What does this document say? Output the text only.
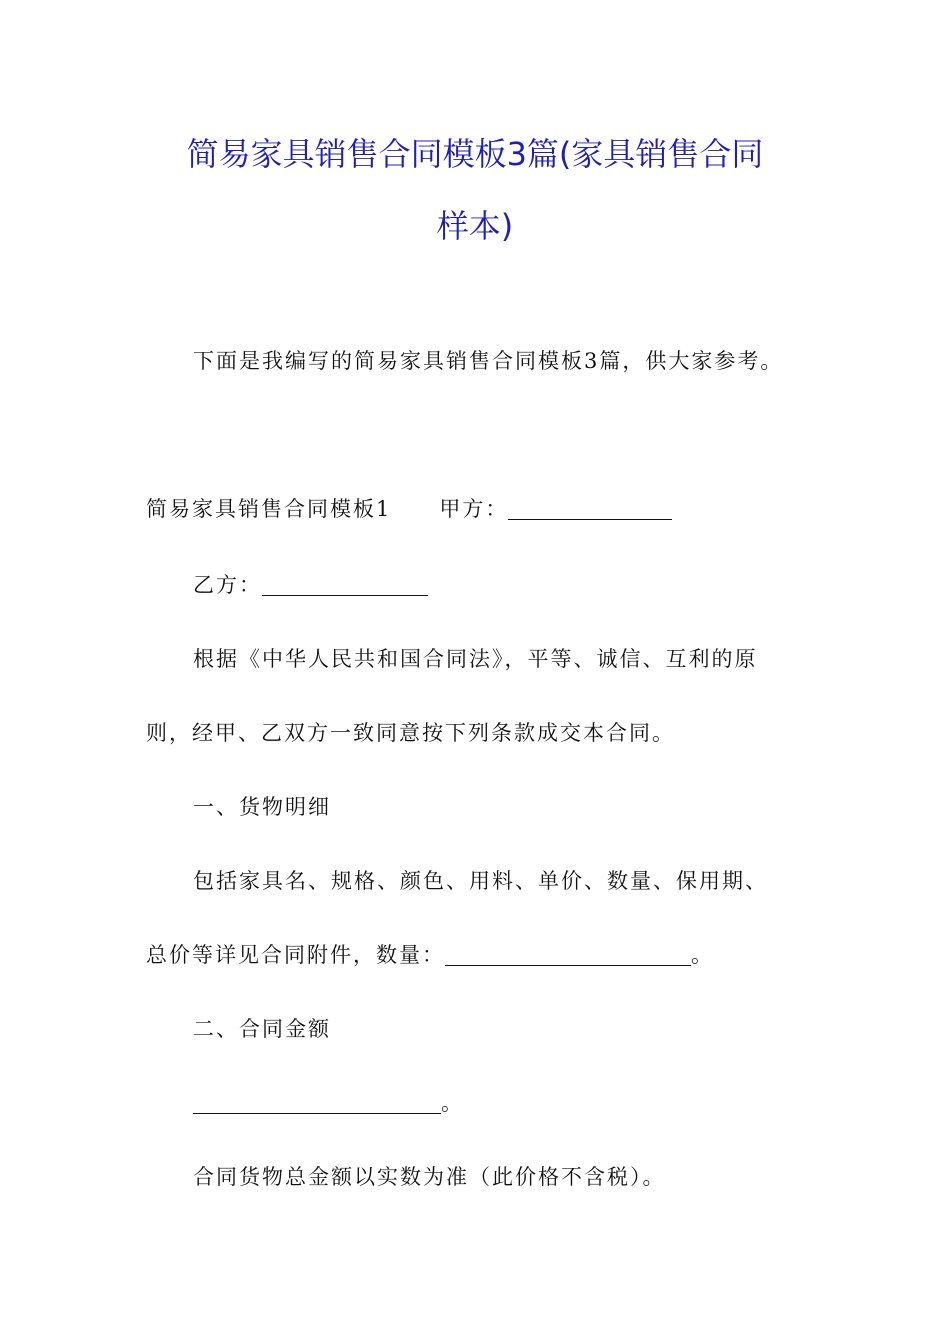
简易家具销售合同模板3篇(家具销售合同
样本)
下面是我编写的简易家具销售合同模板3篇，供大家参考。
简易家具销售合同模板1 甲方：
乙方：
根据《中华人民共和国合同法》，平等、诚信、互利的原
则，经甲、乙双方一致同意按下列条款成交本合同。
一、货物明细
包括家具名、规格、颜色、用料、单价、数量、保用期、
总价等详见合同附件，数量：	。
二、合同金额
。
合同货物总金额以实数为准（此价格不含税）。
